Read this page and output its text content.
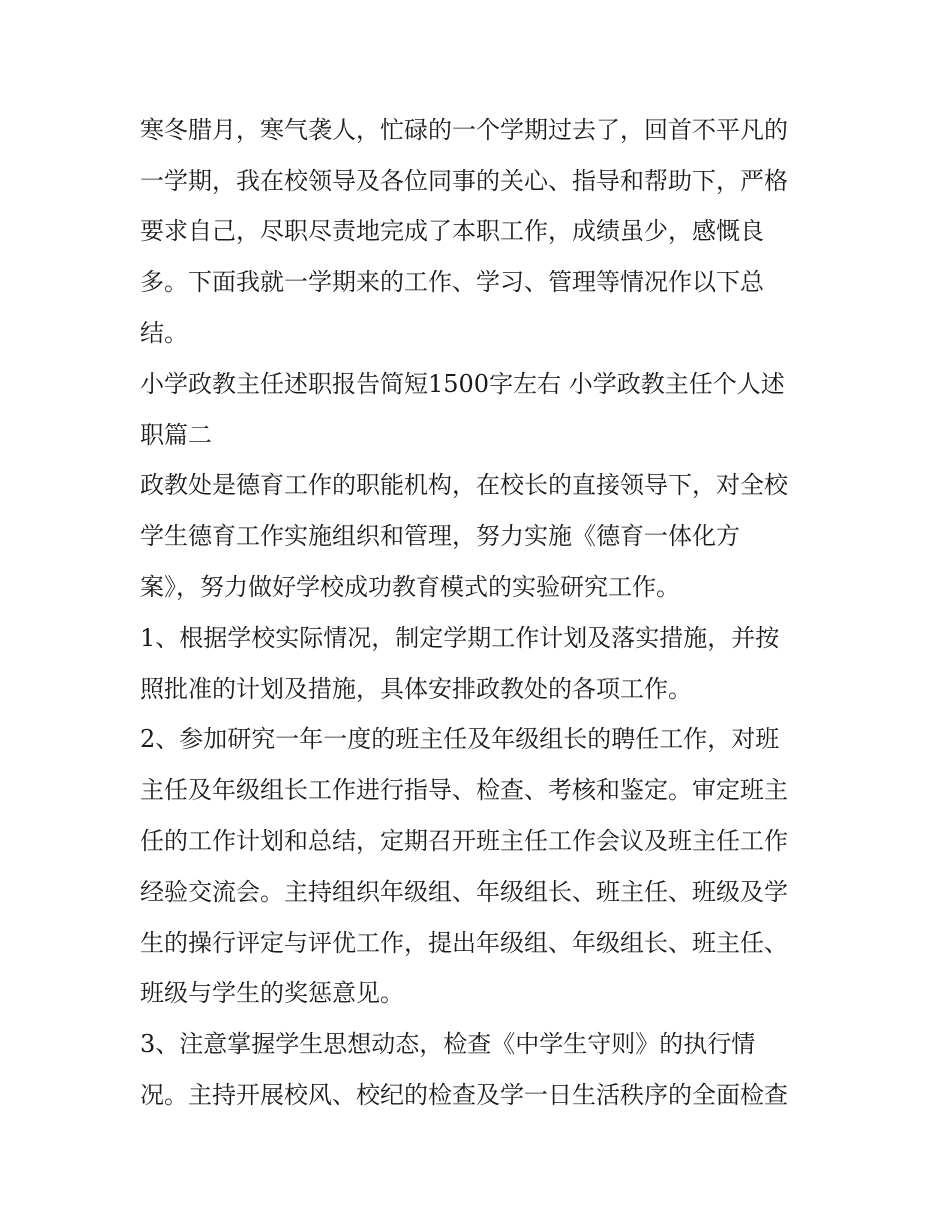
寒冬腊月，寒气袭人，忙碌的一个学期过去了，回首不平凡的
一学期，我在校领导及各位同事的关心、指导和帮助下，严格
要求自己，尽职尽责地完成了本职工作，成绩虽少，感慨良
多。下面我就一学期来的工作、学习、管理等情况作以下总
结。
小学政教主任述职报告简短1500字左右 小学政教主任个人述
职篇二
政教处是德育工作的职能机构，在校长的直接领导下，对全校
学生德育工作实施组织和管理，努力实施《德育一体化方
案》，努力做好学校成功教育模式的实验研究工作。
1、根据学校实际情况，制定学期工作计划及落实措施，并按
照批准的计划及措施，具体安排政教处的各项工作。
2、参加研究一年一度的班主任及年级组长的聘任工作，对班
主任及年级组长工作进行指导、检查、考核和鉴定。审定班主
任的工作计划和总结，定期召开班主任工作会议及班主任工作
经验交流会。主持组织年级组、年级组长、班主任、班级及学
生的操行评定与评优工作，提出年级组、年级组长、班主任、
班级与学生的奖惩意见。
3、注意掌握学生思想动态，检查《中学生守则》的执行情
况。主持开展校风、校纪的检查及学一日生活秩序的全面检查
